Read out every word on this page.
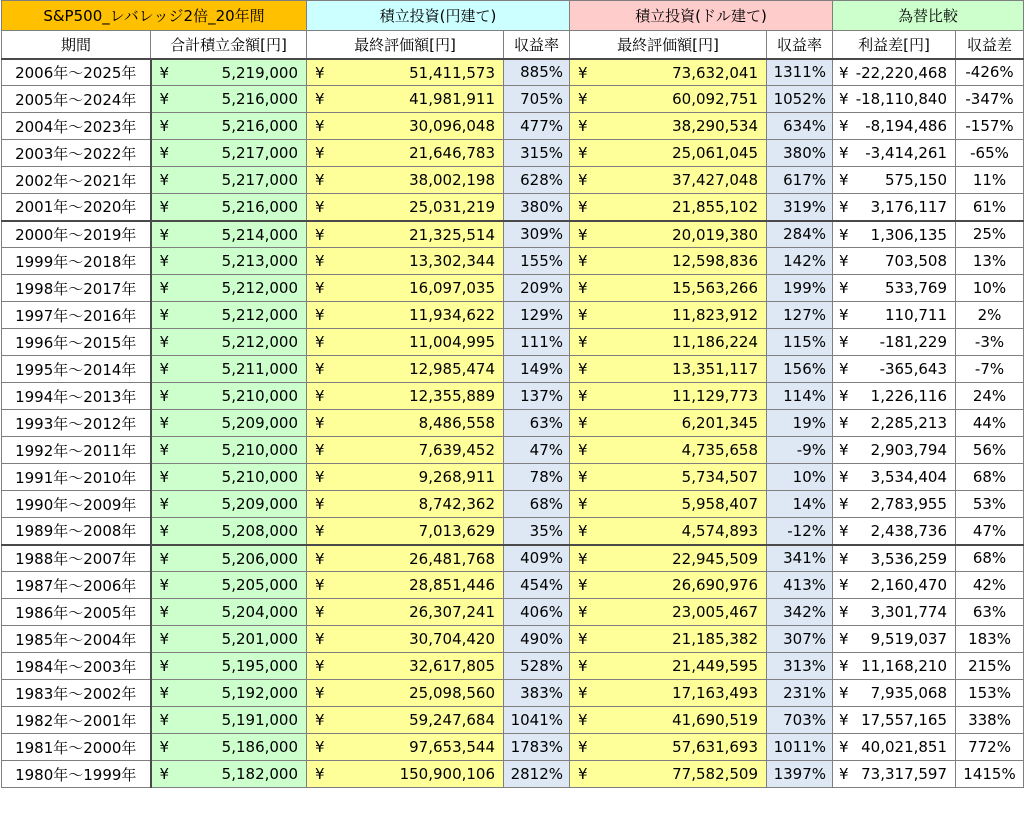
S&P500_レバレッジ2倍_20年間		積立投資(円建て)		積立投資(ドル建て)		為替比較	
期間	合計積立金額[円]	最終評価額[円]	収益率	最終評価額[円]	収益率	利益差[円]	収益差
2006年～2025年	¥ 5,219,000	¥ 51,411,573	885%	¥ 73,632,041	1311%	¥ -22,220,468	-426%
2005年～2024年	¥ 5,216,000	¥ 41,981,911	705%	¥ 60,092,751	1052%	¥ -18,110,840	-347%
2004年～2023年	¥ 5,216,000	¥ 30,096,048	477%	¥ 38,290,534	634%	¥ -8,194,486	-157%
2003年～2022年	¥ 5,217,000	¥ 21,646,783	315%	¥ 25,061,045	380%	¥ -3,414,261	-65%
2002年～2021年	¥ 5,217,000	¥ 38,002,198	628%	¥ 37,427,048	617%	¥ 575,150	11%
2001年～2020年	¥ 5,216,000	¥ 25,031,219	380%	¥ 21,855,102	319%	¥ 3,176,117	61%
2000年～2019年	¥ 5,214,000	¥ 21,325,514	309%	¥ 20,019,380	284%	¥ 1,306,135	25%
1999年～2018年	¥ 5,213,000	¥ 13,302,344	155%	¥ 12,598,836	142%	¥ 703,508	13%
1998年～2017年	¥ 5,212,000	¥ 16,097,035	209%	¥ 15,563,266	199%	¥ 533,769	10%
1997年～2016年	¥ 5,212,000	¥ 11,934,622	129%	¥ 11,823,912	127%	¥ 110,711	2%
1996年～2015年	¥ 5,212,000	¥ 11,004,995	111%	¥ 11,186,224	115%	¥ -181,229	-3%
1995年～2014年	¥ 5,211,000	¥ 12,985,474	149%	¥ 13,351,117	156%	¥ -365,643	-7%
1994年～2013年	¥ 5,210,000	¥ 12,355,889	137%	¥ 11,129,773	114%	¥ 1,226,116	24%
1993年～2012年	¥ 5,209,000	¥ 8,486,558	63%	¥ 6,201,345	19%	¥ 2,285,213	44%
1992年～2011年	¥ 5,210,000	¥ 7,639,452	47%	¥ 4,735,658	-9%	¥ 2,903,794	56%
1991年～2010年	¥ 5,210,000	¥ 9,268,911	78%	¥ 5,734,507	10%	¥ 3,534,404	68%
1990年～2009年	¥ 5,209,000	¥ 8,742,362	68%	¥ 5,958,407	14%	¥ 2,783,955	53%
1989年～2008年	¥ 5,208,000	¥ 7,013,629	35%	¥ 4,574,893	-12%	¥ 2,438,736	47%
1988年～2007年	¥ 5,206,000	¥ 26,481,768	409%	¥ 22,945,509	341%	¥ 3,536,259	68%
1987年～2006年	¥ 5,205,000	¥ 28,851,446	454%	¥ 26,690,976	413%	¥ 2,160,470	42%
1986年～2005年	¥ 5,204,000	¥ 26,307,241	406%	¥ 23,005,467	342%	¥ 3,301,774	63%
1985年～2004年	¥ 5,201,000	¥ 30,704,420	490%	¥ 21,185,382	307%	¥ 9,519,037	183%
1984年～2003年	¥ 5,195,000	¥ 32,617,805	528%	¥ 21,449,595	313%	¥ 11,168,210	215%
1983年～2002年	¥ 5,192,000	¥ 25,098,560	383%	¥ 17,163,493	231%	¥ 7,935,068	153%
1982年～2001年	¥ 5,191,000	¥ 59,247,684	1041%	¥ 41,690,519	703%	¥ 17,557,165	338%
1981年～2000年	¥ 5,186,000	¥ 97,653,544	1783%	¥ 57,631,693	1011%	¥ 40,021,851	772%
1980年～1999年	¥ 5,182,000	¥ 150,900,106	2812%	¥ 77,582,509	1397%	¥ 73,317,597	1415%
